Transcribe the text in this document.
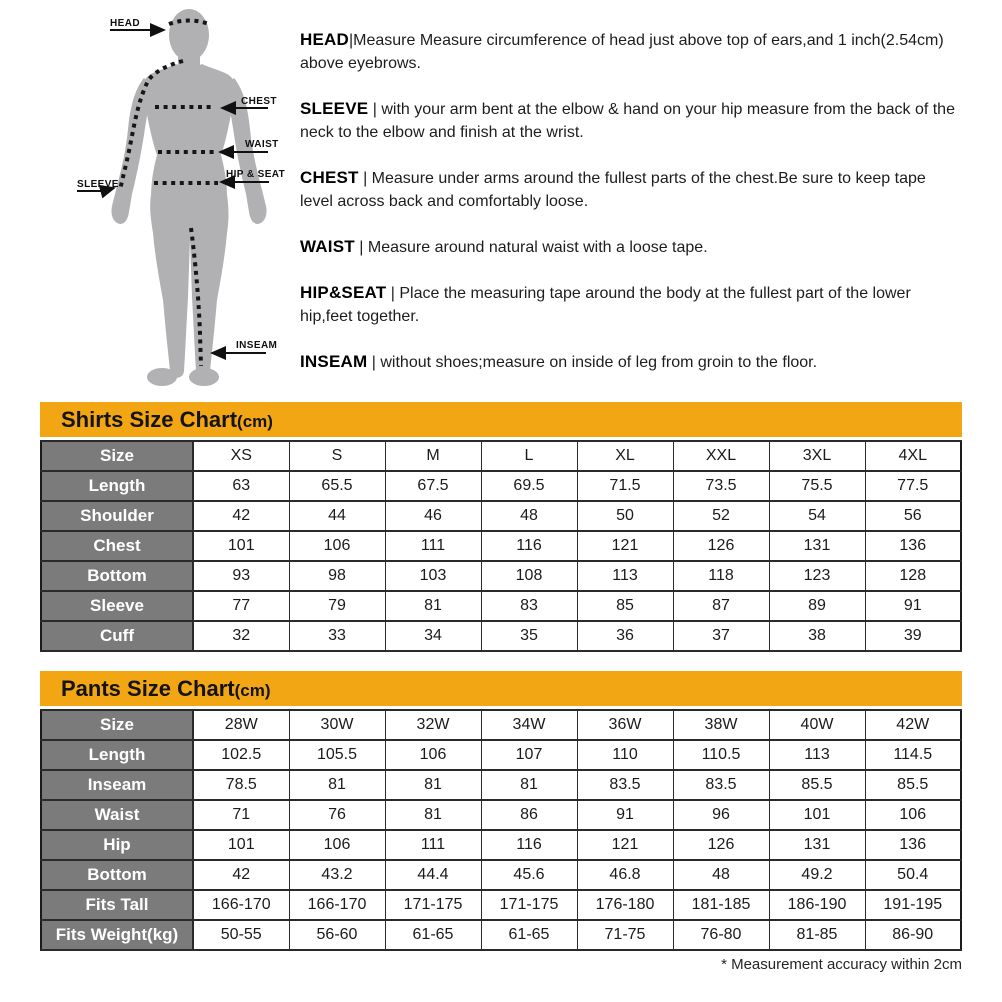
HEAD
CHEST
WAIST
HIP & SEAT
SLEEVE
INSEAM

HEAD|Measure Measure circumference of head just above top of ears,and 1 inch(2.54cm) above eyebrows.

SLEEVE | with your arm bent at the elbow & hand on your hip measure from the back of the neck to the elbow and finish at the wrist.

CHEST | Measure under arms around the fullest parts of the chest.Be sure to keep tape level across back and comfortably loose.

WAIST | Measure around natural waist with a loose tape.

HIP&SEAT | Place the measuring tape around the body at the fullest part of the lower hip,feet together.

INSEAM | without shoes;measure on inside of leg from groin to the floor.

Shirts Size Chart (cm)
Size	XS	S	M	L	XL	XXL	3XL	4XL
Length	63	65.5	67.5	69.5	71.5	73.5	75.5	77.5
Shoulder	42	44	46	48	50	52	54	56
Chest	101	106	111	116	121	126	131	136
Bottom	93	98	103	108	113	118	123	128
Sleeve	77	79	81	83	85	87	89	91
Cuff	32	33	34	35	36	37	38	39
Pants Size Chart (cm)
Size	28W	30W	32W	34W	36W	38W	40W	42W
Length	102.5	105.5	106	107	110	110.5	113	114.5
Inseam	78.5	81	81	81	83.5	83.5	85.5	85.5
Waist	71	76	81	86	91	96	101	106
Hip	101	106	111	116	121	126	131	136
Bottom	42	43.2	44.4	45.6	46.8	48	49.2	50.4
Fits Tall	166-170	166-170	171-175	171-175	176-180	181-185	186-190	191-195
Fits Weight(kg)	50-55	56-60	61-65	61-65	71-75	76-80	81-85	86-90
* Measurement accuracy within 2cm
